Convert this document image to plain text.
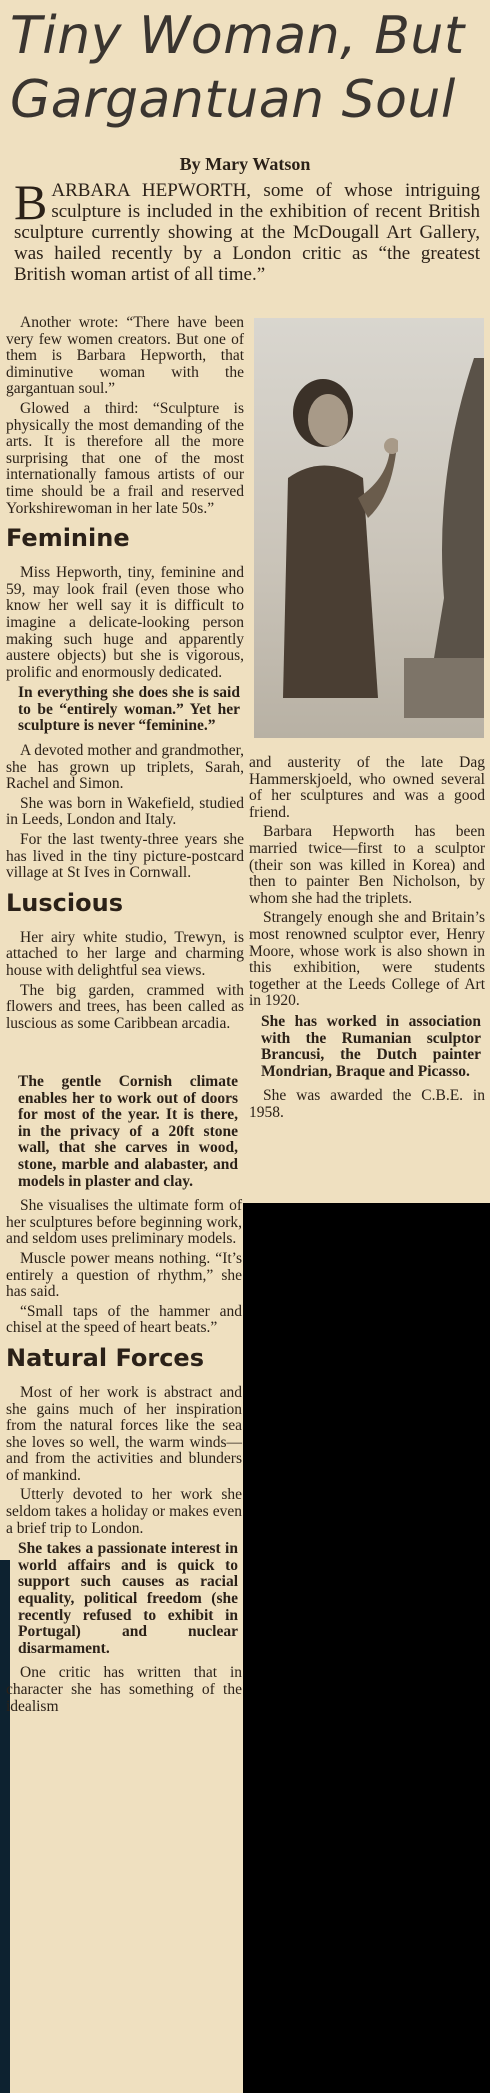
Tiny Woman, But
Gargantuan Soul
By Mary Watson
BARBARA HEPWORTH, some of whose intriguing sculpture is included in the exhibition of recent British sculpture currently showing at the McDougall Art Gallery, was hailed recently by a London critic as “the greatest British woman artist of all time.”

Another wrote: “There have been very few women creators. But one of them is Barbara Hepworth, that diminutive woman with the gargantuan soul.”

Glowed a third: “Sculpture is physically the most demanding of the arts. It is therefore all the more surprising that one of the most internationally famous artists of our time should be a frail and reserved Yorkshirewoman in her late 50s.”

Feminine

Miss Hepworth, tiny, feminine and 59, may look frail (even those who know her well say it is difficult to imagine a delicate-looking person making such huge and apparently austere objects) but she is vigorous, prolific and enormously dedicated.

In everything she does she is said to be “entirely woman.” Yet her sculpture is never “feminine.”

A devoted mother and grandmother, she has grown up triplets, Sarah, Rachel and Simon.

She was born in Wakefield, studied in Leeds, London and Italy.

For the last twenty-three years she has lived in the tiny picture-postcard village at St Ives in Cornwall.

Luscious

Her airy white studio, Trewyn, is attached to her large and charming house with delightful sea views.

The big garden, crammed with flowers and trees, has been called as luscious as some Caribbean arcadia.

and austerity of the late Dag Hammerskjoeld, who owned several of her sculptures and was a good friend.

Barbara Hepworth has been married twice—first to a sculptor (their son was killed in Korea) and then to painter Ben Nicholson, by whom she had the triplets.

Strangely enough she and Britain’s most renowned sculptor ever, Henry Moore, whose work is also shown in this exhibition, were students together at the Leeds College of Art in 1920.

She has worked in association with the Rumanian sculptor Brancusi, the Dutch painter Mondrian, Braque and Picasso.

She was awarded the C.B.E. in 1958.

The gentle Cornish climate enables her to work out of doors for most of the year. It is there, in the privacy of a 20ft stone wall, that she carves in wood, stone, marble and alabaster, and models in plaster and clay.

She visualises the ultimate form of her sculptures before beginning work, and seldom uses preliminary models.

Muscle power means nothing. “It’s entirely a question of rhythm,” she has said.

“Small taps of the hammer and chisel at the speed of heart beats.”

Natural Forces

Most of her work is abstract and she gains much of her inspiration from the natural forces like the sea she loves so well, the warm winds—and from the activities and blunders of mankind.

Utterly devoted to her work she seldom takes a holiday or makes even a brief trip to London.

She takes a passionate interest in world affairs and is quick to support such causes as racial equality, political freedom (she recently refused to exhibit in Portugal) and nuclear disarmament.

One critic has written that in character she has something of the idealism
